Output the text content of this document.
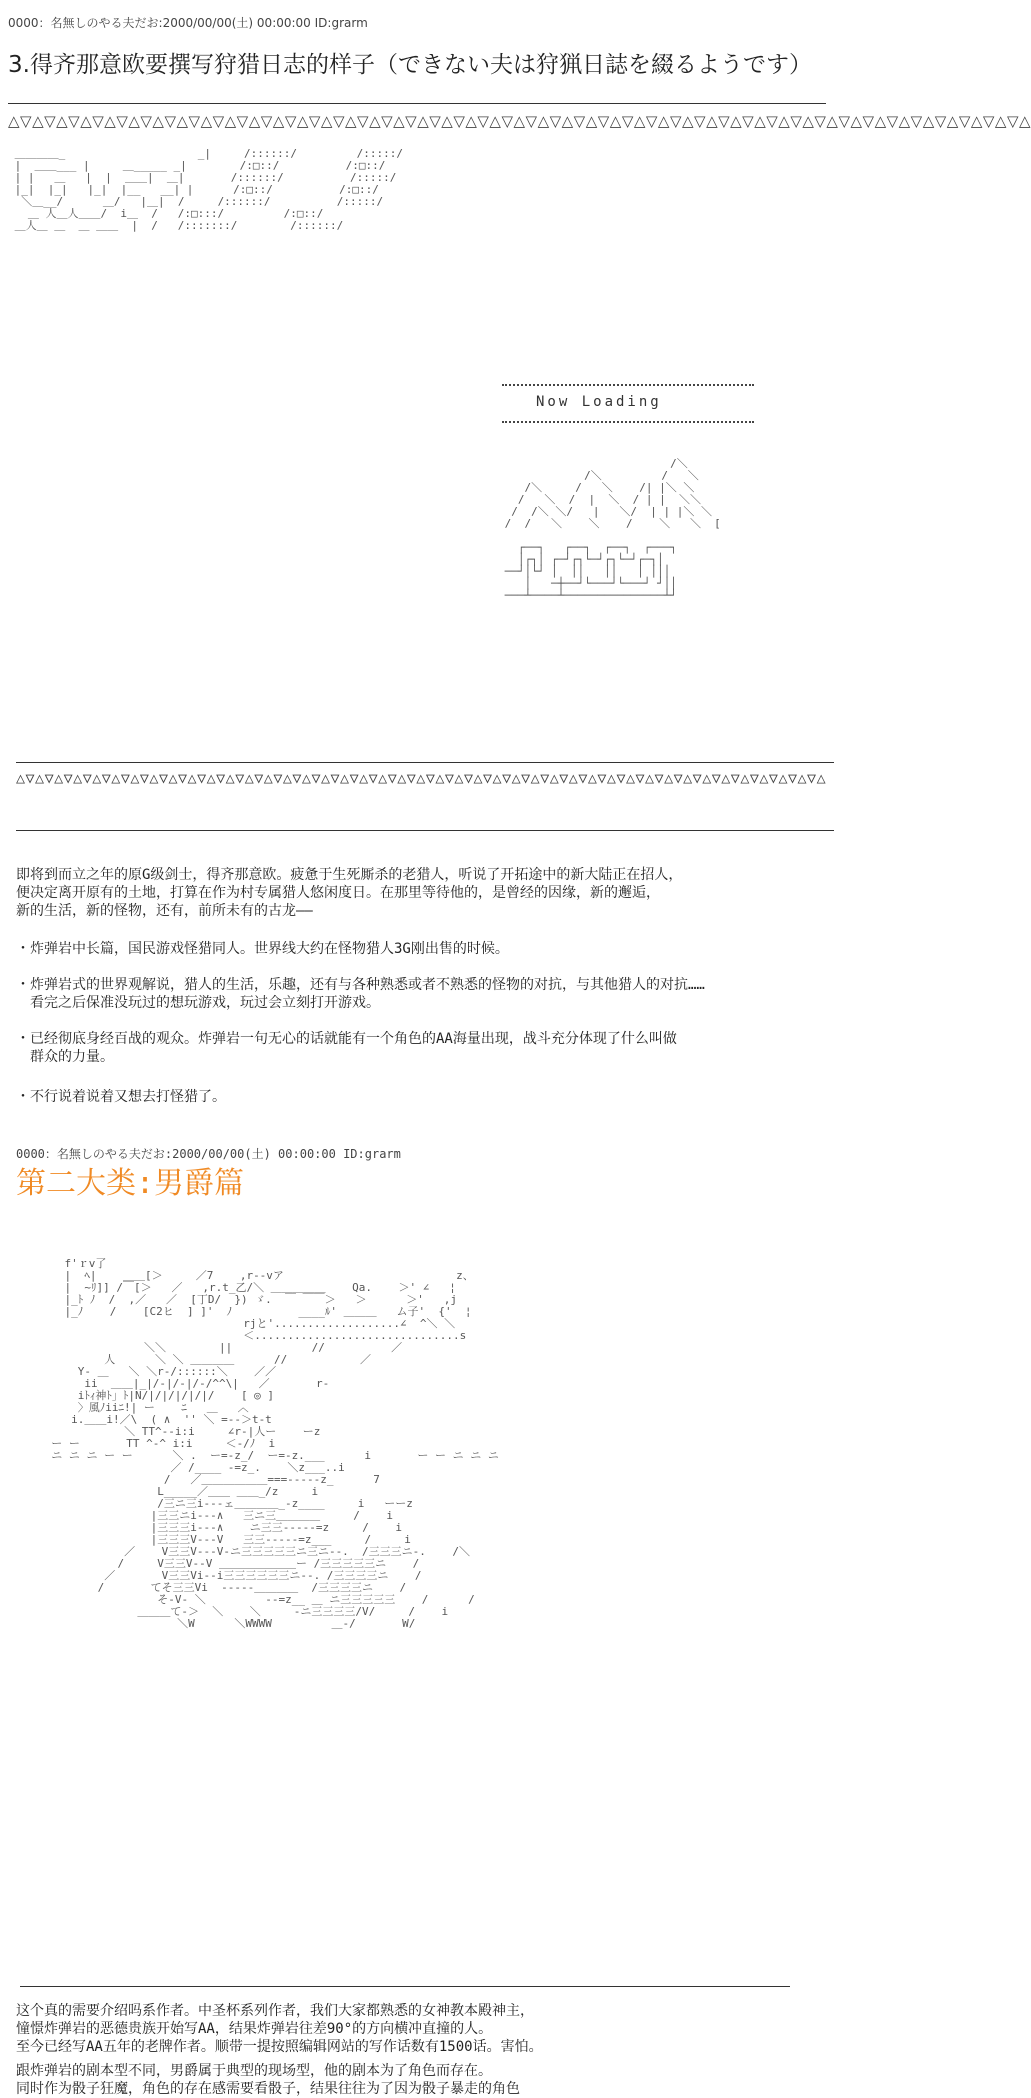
0000：名無しのやる夫だお:2000/00/00(土) 00:00:00 ID:grarm
3.得齐那意欧要撰写狩猎日志的样子（できない夫は狩猟日誌を綴るようです）
△▽△▽△▽△▽△▽△▽△▽△▽△▽△▽△▽△▽△▽△▽△▽△▽△▽△▽△▽△▽△▽△▽△▽△▽△▽△▽△▽△▽△▽△▽△▽△▽△▽△▽△▽△▽△▽△▽△▽△▽△▽△▽△
＿＿＿＿_                    _|     /::::::/         /:::::/
|  ＿＿___ |     ＿_____ _|        /:□::/          /:□::/
| |   ＿   |  |  ＿＿|  ＿|       /::::::/          /:::::/
|_|  |_|   |_|  |__   __| |      /:□::/          /:□::/
＼＿__/      ＿/   |＿|  /     /::::::/          /:::::/
＿ 人＿人＿＿/  i＿  /   /:□:::/         /:□::/
＿人＿ ＿  ＿ ＿＿  |  /   /:::::::/        /::::::/

/＼
/＼         /   ＼
/＼     /   ＼    /| |＼ ＼
/   ＼  /  |  ＼  / | |  ＼＼
/  /＼ ＼/   |   ＼/  | | |＼ ＼
/  /   ＼    ＼    /    ＼   ＼  [

┌──┐   ┌──┐  ┌──┐  ┌───┐
│┌┐│ ┌─┘┌┐└─┘┌┐└─┘┌─┐│
──┘│└┘ │  ││   ││   │ │││
│   ─┼──┘└───┘└───┘ ┘││
───┴────┴───────────────┴┘

Now Loading

△▽△▽△▽△▽△▽△▽△▽△▽△▽△▽△▽△▽△▽△▽△▽△▽△▽△▽△▽△▽△▽△▽△▽△▽△▽△▽△▽△▽△▽△▽△▽△▽△▽△▽△▽△▽△▽△▽△▽△▽△▽△▽△

即将到而立之年的原G级剑士，得齐那意欧。疲惫于生死厮杀的老猎人，听说了开拓途中的新大陆正在招人，
便决定离开原有的土地，打算在作为村专属猎人悠闲度日。在那里等待他的，是曾经的因缘，新的邂逅，
新的生活，新的怪物，还有，前所未有的古龙——

・炸弹岩中长篇，国民游戏怪猎同人。世界线大约在怪物猎人3G刚出售的时候。

・炸弹岩式的世界观解说，猎人的生活，乐趣，还有与各种熟悉或者不熟悉的怪物的对抗，与其他猎人的对抗……
　看完之后保准没玩过的想玩游戏，玩过会立刻打开游戏。

・已经彻底身经百战的观众。炸弹岩一句无心的话就能有一个角色的AA海量出现，战斗充分体现了什么叫做
　群众的力量。

・不行说着说着又想去打怪猎了。

0000：名無しのやる夫だお:2000/00/00(土) 00:00:00 ID:grarm

第二大类:男爵篇

f'ｒv了
|  ﾍ|    ＿＿[＞     ／7    ,r--vア                          z、
|  ~ﾘ]] /￣[＞   ／   ,r.t_乙/＼ ＿＿＿＿＿    Qa.    ＞' ∠   ¦
|_ﾄ ﾉ  /  ,／   ／  [丁D/  }) ゞ.  ￣ ￣￣＞   ＞      ＞'   ,j
|_ﾉ    /    [C2ヒ  ] ]'  ﾉ          ____ﾙ' ＿＿＿   ム子'  {'  ¦
rjと'...................∠  ^＼ ＼
＜...............................s
＼＼        ||            //          ／
人      ＼ ＼ ＿＿＿＿      //           ／
Y- ＿   ＼ ＼r-/::::::＼    ／／
ii  ＿＿|_|/-|/-|/-/^^\|   ／       r-
iﾄｨ神ﾄ」ﾄ|N/|/|/|/|/|/    [ ◎ ]
〉風ﾉiiﾆ!| ー    ﾆ   ＿   ︿
i.＿＿i!／\  ( ∧  '' ＼ =--＞t-t
＼ TT^--i:i     ∠r-|人ー    ーz
ー ー       TT ^-^ i:i     ＜-/ﾉ  i
ニ ニ ニ ー ー      ＼ .  ー=-z_/  ー=-z.___      i       ー ー ニ ニ ニ
／ /____ -=z_.    ＼z___..i
/   ／＿＿＿＿＿＿===-----z_      7
L_____／＿＿ ＿＿_/z     i
/三ニ三i---ェ＿＿＿＿_-z____     i   ーーz
|三三ニi---∧   三ニ三＿＿＿＿     /    i
|三三三i---∧    ニ三三-----=z     /    i
|三三三V---V   三三-----=z___     /     i
／    V三三V---V-ニ三三三三三ニ三ニ--.  /三三三ニ-.    /＼
/     V三三V--V ＿＿＿＿＿＿＿ー /三三三三三ニ    /
／       V三三Vi--i三三三三三三ニ--. /三三三三ニ    /
/       てそ三三Vi  -----＿＿＿＿  /三三三三ニ    /
そ-V- ＼         --=z__ ＿ ニ三三三三三    /      /
＿＿＿て-＞  ＼    ＼     -ニ三三三三/V/     /    i
＼W      ＼WWWW         ＿-/       W/

这个真的需要介绍吗系作者。中圣杯系列作者，我们大家都熟悉的女神教本殿神主，
憧憬炸弹岩的恶德贵族开始写AA，结果炸弹岩往差90°的方向横冲直撞的人。
至今已经写AA五年的老牌作者。顺带一提按照编辑网站的写作话数有1500话。害怕。

跟炸弹岩的剧本型不同，男爵属于典型的现场型，他的剧本为了角色而存在。
同时作为骰子狂魔，角色的存在感需要看骰子，结果往往为了因为骰子暴走的角色
